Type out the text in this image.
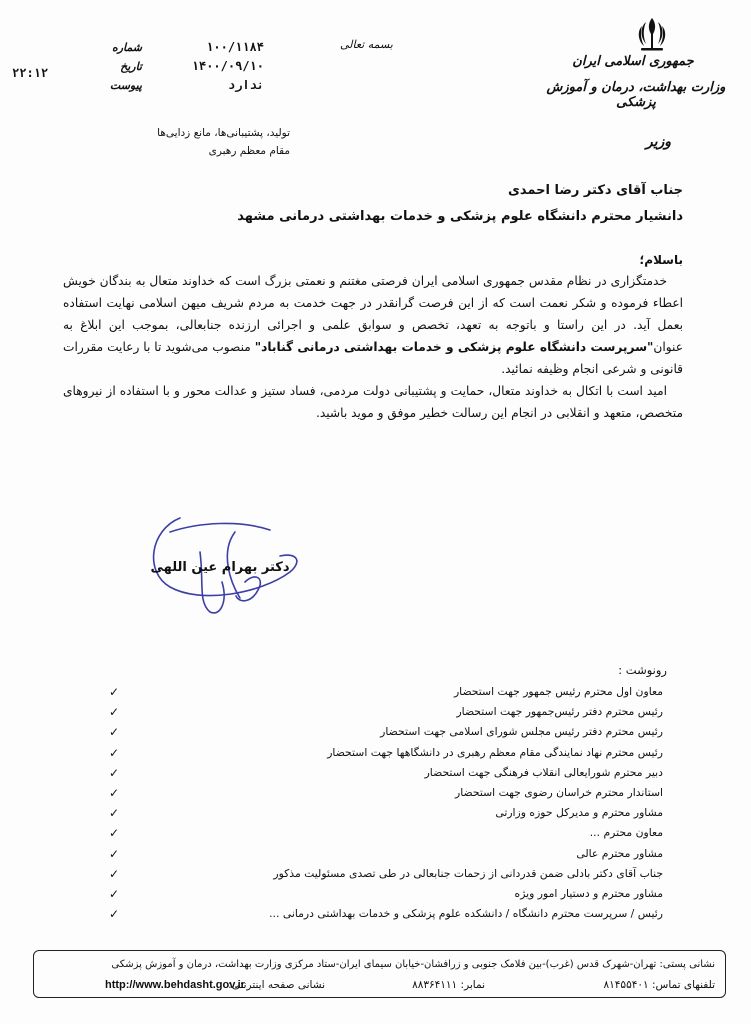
جمهوری اسلامی ایران
وزارت بهداشت، درمان و آموزش پزشکی
وزیر
بسمه تعالی
شماره	۱۰۰/۱۱۸۴
تاریخ	۱۴۰۰/۰۹/۱۰
پیوست	ندارد
۲۲:۱۲
تولید، پشتیبانی‌ها، مانع زدایی‌ها
مقام معظم رهبری
جناب آقای دکتر رضا احمدی
دانشیار محترم دانشگاه علوم پزشکی و خدمات بهداشتی درمانی مشهد
باسلام؛

خدمتگزاری در نظام مقدس جمهوری اسلامی ایران فرصتی مغتنم و نعمتی بزرگ است که خداوند متعال به بندگان خویش اعطاء فرموده و شکر نعمت است که از این فرصت گرانقدر در جهت خدمت به مردم شریف میهن اسلامی نهایت استفاده بعمل آید. در این راستا و باتوجه به تعهد، تخصص و سوابق علمی و اجرائی ارزنده جنابعالی، بموجب این ابلاغ به عنوان"سرپرست دانشگاه علوم پزشکی و خدمات بهداشتی درمانی گناباد" منصوب می‌شوید تا با رعایت مقررات قانونی و شرعی انجام وظیفه نمائید.

امید است با اتکال به خداوند متعال، حمایت و پشتیبانی دولت مردمی، فساد ستیز و عدالت محور و با استفاده از نیروهای متخصص، متعهد و انقلابی در انجام این رسالت خطیر موفق و موید باشید.

دکتر بهرام عین اللهی
رونوشت :
معاون اول محترم رئیس جمهور جهت استحضار
✓
رئیس محترم دفتر رئیس‌جمهور جهت استحضار
✓
رئیس محترم دفتر رئیس مجلس شورای اسلامی جهت استحضار
✓
رئیس محترم نهاد نمایندگی مقام معظم رهبری در دانشگاهها جهت استحضار
✓
دبیر محترم شورایعالی انقلاب فرهنگی جهت استحضار
✓
استاندار محترم خراسان رضوی جهت استحضار
✓
مشاور محترم و مدیرکل حوزه وزارتی
✓
معاون محترم ...
✓
مشاور محترم عالی
✓
جناب آقای دکتر بادلی ضمن قدردانی از زحمات جنابعالی در طی تصدی مسئولیت مذکور
✓
مشاور محترم و دستیار امور ویژه
✓
رئیس / سرپرست محترم دانشگاه / دانشکده علوم پزشکی و خدمات بهداشتی درمانی ...
✓
نشانی پستی: تهران-شهرک قدس (غرب)-بین فلامک جنوبی و زرافشان-خیابان سیمای ایران-ستاد مرکزی وزارت بهداشت، درمان و آموزش پزشکی
تلفنهای تماس: ۸۱۴۵۵۴۰۱
نمابر: ۸۸۳۶۴۱۱۱
نشانی صفحه اینترنتی:
http://www.behdasht.gov.ir
